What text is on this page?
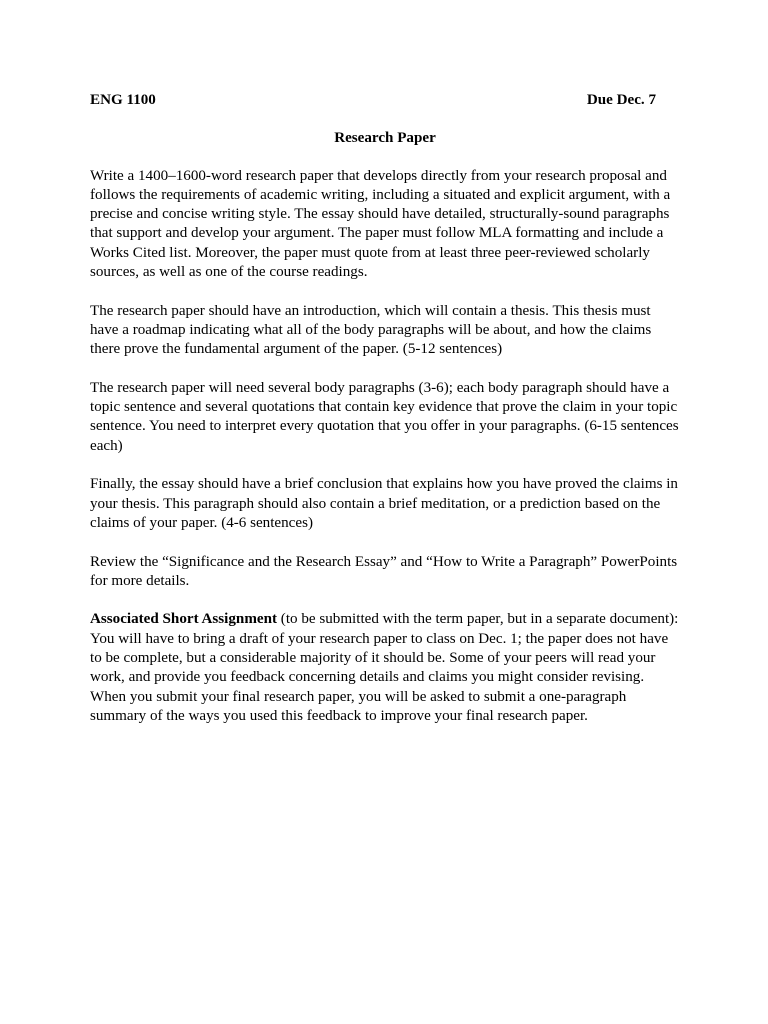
ENG 1100	Due Dec. 7
Research Paper

Write a 1400–1600-word research paper that develops directly from your research proposal and follows the requirements of academic writing, including a situated and explicit argument, with a precise and concise writing style. The essay should have detailed, structurally-sound paragraphs that support and develop your argument. The paper must follow MLA formatting and include a Works Cited list. Moreover, the paper must quote from at least three peer-reviewed scholarly sources, as well as one of the course readings.

The research paper should have an introduction, which will contain a thesis. This thesis must have a roadmap indicating what all of the body paragraphs will be about, and how the claims there prove the fundamental argument of the paper. (5-12 sentences)

The research paper will need several body paragraphs (3-6); each body paragraph should have a topic sentence and several quotations that contain key evidence that prove the claim in your topic sentence. You need to interpret every quotation that you offer in your paragraphs. (6-15 sentences each)

Finally, the essay should have a brief conclusion that explains how you have proved the claims in your thesis. This paragraph should also contain a brief meditation, or a prediction based on the claims of your paper. (4-6 sentences)

Review the “Significance and the Research Essay” and “How to Write a Paragraph” PowerPoints for more details.

Associated Short Assignment (to be submitted with the term paper, but in a separate document): You will have to bring a draft of your research paper to class on Dec. 1; the paper does not have to be complete, but a considerable majority of it should be. Some of your peers will read your work, and provide you feedback concerning details and claims you might consider revising. When you submit your final research paper, you will be asked to submit a one-paragraph summary of the ways you used this feedback to improve your final research paper.
